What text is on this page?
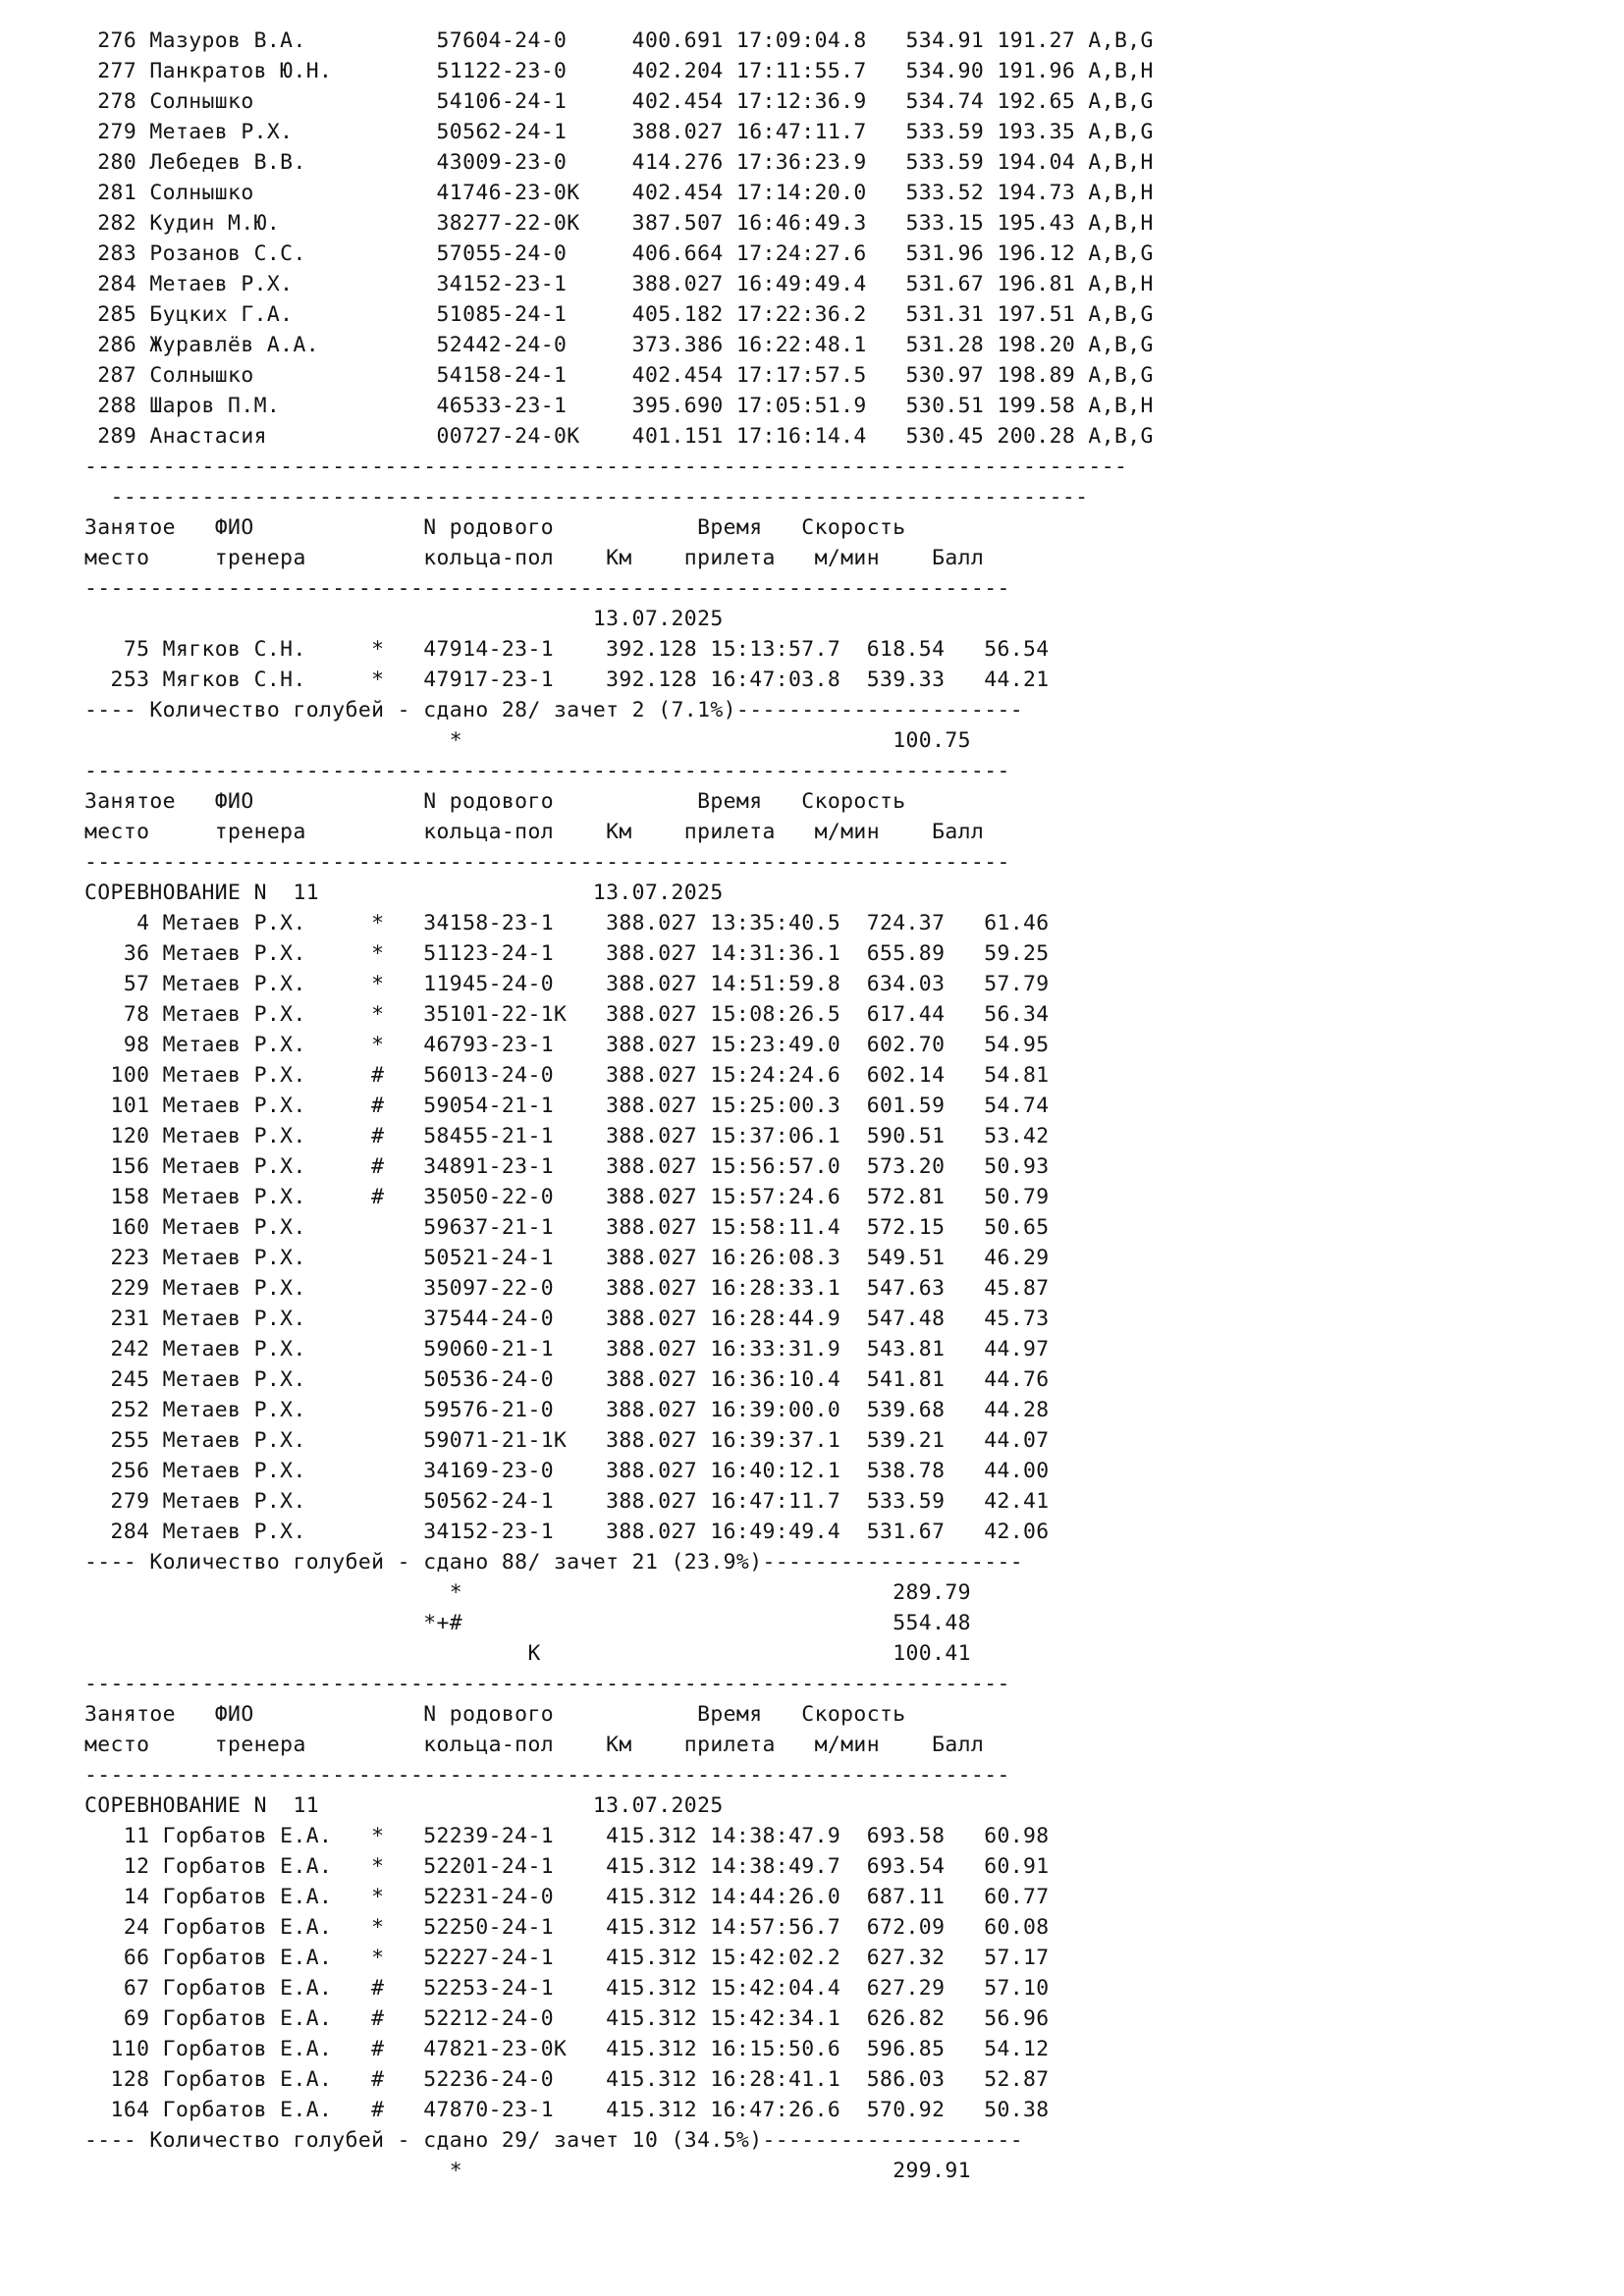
276 Мазуров В.А.          57604-24-0     400.691 17:09:04.8   534.91 191.27 A,B,G
277 Панкратов Ю.Н.        51122-23-0     402.204 17:11:55.7   534.90 191.96 A,B,H
278 Солнышко              54106-24-1     402.454 17:12:36.9   534.74 192.65 A,B,G
279 Метаев Р.Х.           50562-24-1     388.027 16:47:11.7   533.59 193.35 A,B,G
280 Лебедев В.В.          43009-23-0     414.276 17:36:23.9   533.59 194.04 A,B,H
281 Солнышко              41746-23-0K    402.454 17:14:20.0   533.52 194.73 A,B,H
282 Кудин М.Ю.            38277-22-0K    387.507 16:46:49.3   533.15 195.43 A,B,H
283 Розанов С.С.          57055-24-0     406.664 17:24:27.6   531.96 196.12 A,B,G
284 Метаев Р.Х.           34152-23-1     388.027 16:49:49.4   531.67 196.81 A,B,H
285 Буцких Г.А.           51085-24-1     405.182 17:22:36.2   531.31 197.51 A,B,G
286 Журавлёв А.А.         52442-24-0     373.386 16:22:48.1   531.28 198.20 A,B,G
287 Солнышко              54158-24-1     402.454 17:17:57.5   530.97 198.89 A,B,G
288 Шаров П.М.            46533-23-1     395.690 17:05:51.9   530.51 199.58 A,B,H
289 Анастасия             00727-24-0K    401.151 17:16:14.4   530.45 200.28 A,B,G
--------------------------------------------------------------------------------
---------------------------------------------------------------------------
Занятое   ФИО             N родового           Время   Скорость
место     тренера         кольца-пол    Км    прилета   м/мин    Балл
-----------------------------------------------------------------------
13.07.2025
75 Мягков С.Н.     *   47914-23-1    392.128 15:13:57.7  618.54   56.54
253 Мягков С.Н.     *   47917-23-1    392.128 16:47:03.8  539.33   44.21
---- Количество голубей - сдано 28/ зачет 2 (7.1%)----------------------
*                                 100.75
-----------------------------------------------------------------------
Занятое   ФИО             N родового           Время   Скорость
место     тренера         кольца-пол    Км    прилета   м/мин    Балл
-----------------------------------------------------------------------
СОРЕВНОВАНИЕ N  11                     13.07.2025
4 Метаев Р.Х.     *   34158-23-1    388.027 13:35:40.5  724.37   61.46
36 Метаев Р.Х.     *   51123-24-1    388.027 14:31:36.1  655.89   59.25
57 Метаев Р.Х.     *   11945-24-0    388.027 14:51:59.8  634.03   57.79
78 Метаев Р.Х.     *   35101-22-1K   388.027 15:08:26.5  617.44   56.34
98 Метаев Р.Х.     *   46793-23-1    388.027 15:23:49.0  602.70   54.95
100 Метаев Р.Х.     #   56013-24-0    388.027 15:24:24.6  602.14   54.81
101 Метаев Р.Х.     #   59054-21-1    388.027 15:25:00.3  601.59   54.74
120 Метаев Р.Х.     #   58455-21-1    388.027 15:37:06.1  590.51   53.42
156 Метаев Р.Х.     #   34891-23-1    388.027 15:56:57.0  573.20   50.93
158 Метаев Р.Х.     #   35050-22-0    388.027 15:57:24.6  572.81   50.79
160 Метаев Р.Х.         59637-21-1    388.027 15:58:11.4  572.15   50.65
223 Метаев Р.Х.         50521-24-1    388.027 16:26:08.3  549.51   46.29
229 Метаев Р.Х.         35097-22-0    388.027 16:28:33.1  547.63   45.87
231 Метаев Р.Х.         37544-24-0    388.027 16:28:44.9  547.48   45.73
242 Метаев Р.Х.         59060-21-1    388.027 16:33:31.9  543.81   44.97
245 Метаев Р.Х.         50536-24-0    388.027 16:36:10.4  541.81   44.76
252 Метаев Р.Х.         59576-21-0    388.027 16:39:00.0  539.68   44.28
255 Метаев Р.Х.         59071-21-1K   388.027 16:39:37.1  539.21   44.07
256 Метаев Р.Х.         34169-23-0    388.027 16:40:12.1  538.78   44.00
279 Метаев Р.Х.         50562-24-1    388.027 16:47:11.7  533.59   42.41
284 Метаев Р.Х.         34152-23-1    388.027 16:49:49.4  531.67   42.06
---- Количество голубей - сдано 88/ зачет 21 (23.9%)--------------------
*                                 289.79
*+#                                 554.48
K                           100.41
-----------------------------------------------------------------------
Занятое   ФИО             N родового           Время   Скорость
место     тренера         кольца-пол    Км    прилета   м/мин    Балл
-----------------------------------------------------------------------
СОРЕВНОВАНИЕ N  11                     13.07.2025
11 Горбатов Е.А.   *   52239-24-1    415.312 14:38:47.9  693.58   60.98
12 Горбатов Е.А.   *   52201-24-1    415.312 14:38:49.7  693.54   60.91
14 Горбатов Е.А.   *   52231-24-0    415.312 14:44:26.0  687.11   60.77
24 Горбатов Е.А.   *   52250-24-1    415.312 14:57:56.7  672.09   60.08
66 Горбатов Е.А.   *   52227-24-1    415.312 15:42:02.2  627.32   57.17
67 Горбатов Е.А.   #   52253-24-1    415.312 15:42:04.4  627.29   57.10
69 Горбатов Е.А.   #   52212-24-0    415.312 15:42:34.1  626.82   56.96
110 Горбатов Е.А.   #   47821-23-0K   415.312 16:15:50.6  596.85   54.12
128 Горбатов Е.А.   #   52236-24-0    415.312 16:28:41.1  586.03   52.87
164 Горбатов Е.А.   #   47870-23-1    415.312 16:47:26.6  570.92   50.38
---- Количество голубей - сдано 29/ зачет 10 (34.5%)--------------------
*                                 299.91
